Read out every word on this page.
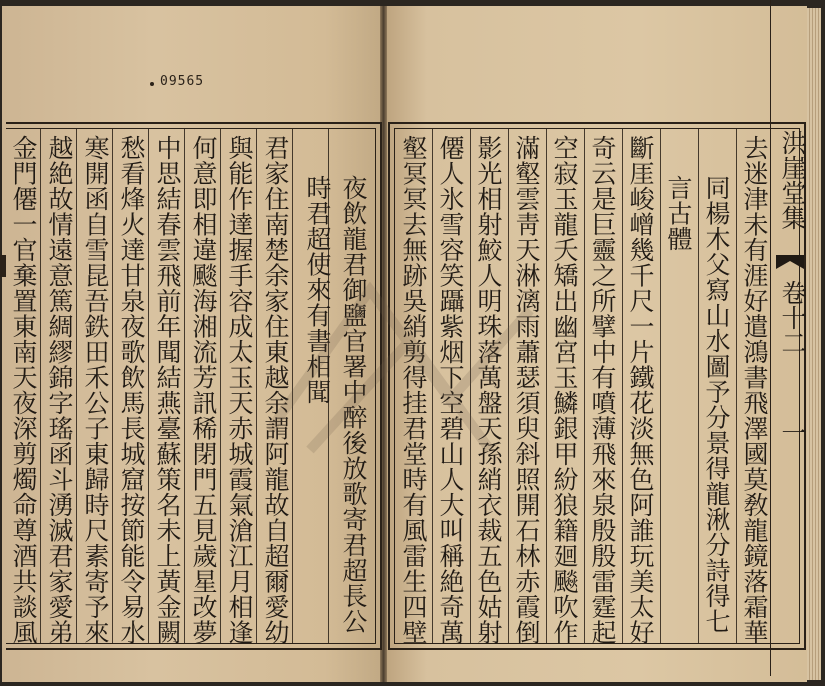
09565
去迷津未有涯好遣鴻書飛澤國莫敎龍鏡落霜華
同楊木父寫山水圖予分景得龍湫分詩得七
言古體
斷厓峻嶒幾千尺一片鐵花淡無色阿誰玩美太好
奇云是巨靈之所擘中有噴薄飛來泉殷殷雷霆起
空寂玉龍夭矯出幽宮玉鱗銀甲紛狼籍廻飈吹作
滿壑雲靑天淋漓雨蕭瑟須臾斜照開石林赤霞倒
影光相射鮫人明珠落萬盤天孫綃衣裁五色姑射
僊人氷雪容笑躡紫烟下空碧山人大叫稱絶奇萬
壑冥冥去無跡吳綃剪得挂君堂時有風雷生四壁
夜飲龍君御鹽官署中醉後放歌寄君超長公
時君超使來有書相聞
君家住南楚余家住東越余謂阿龍故自超爾愛幼
與能作達握手容成太玉天赤城霞氣滄江月相逢
何意即相違颷海湘流芳訊稀閉門五見歲星改夢
中思結春雲飛前年聞結燕臺蘇策名未上黃金闕
愁看烽火達甘泉夜歌飲馬長城窟按節能令易水
寒開函自雪昆吾鉄田禾公子東歸時尺素寄予來
越絶故情遠意篤綢繆錦字瑤函斗湧滅君家愛弟
金門僊一官棄置東南天夜深剪燭命尊酒共談風	洪崖堂集
卷十二
一
